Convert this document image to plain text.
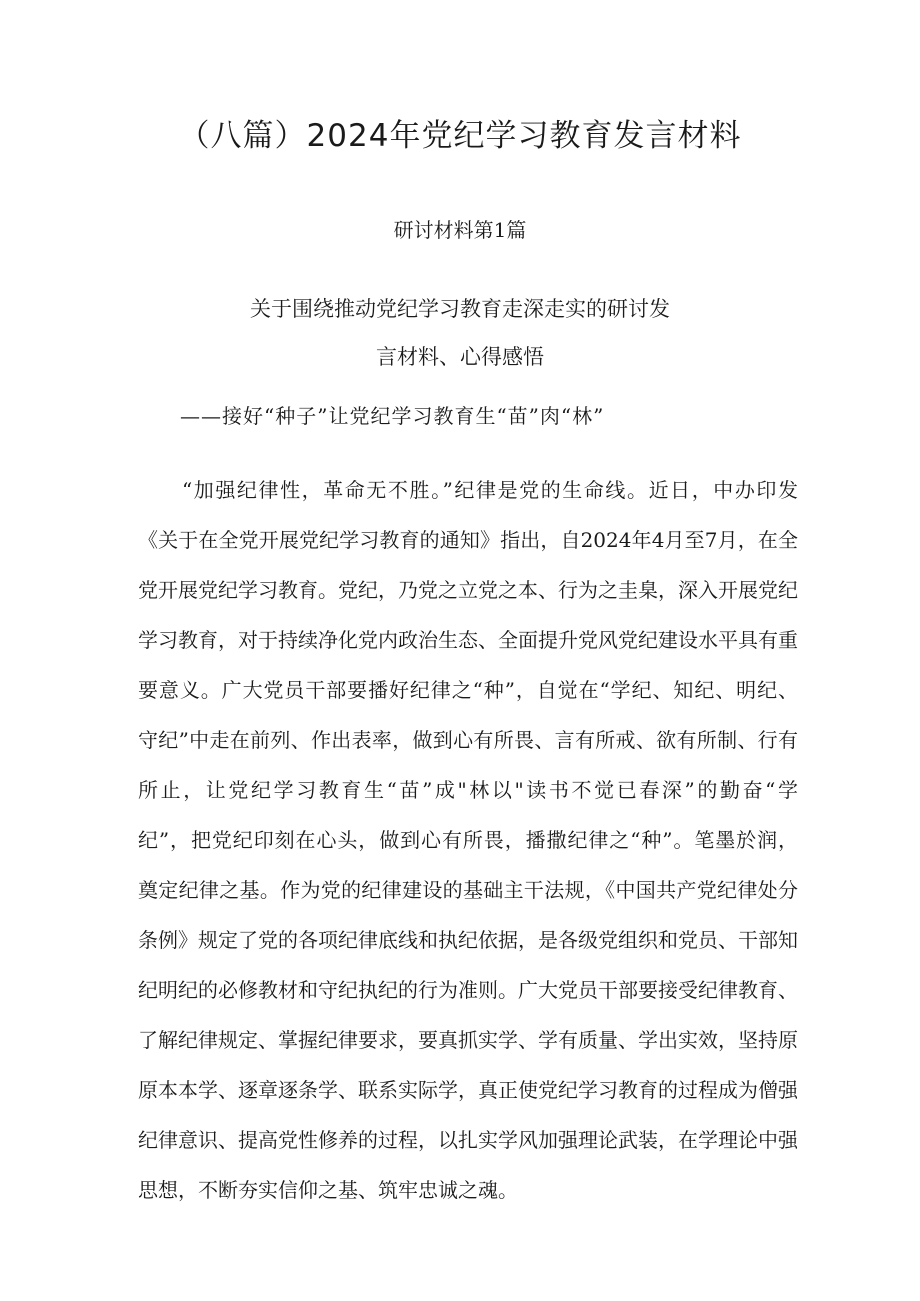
（八篇）2024年党纪学习教育发言材料
研讨材料第1篇
关于围绕推动党纪学习教育走深走实的研讨发
言材料、心得感悟
——接好“种子”让党纪学习教育生“苗”肉“林”
“加强纪律性，革命无不胜。”纪律是党的生命线。近日，中办印发
《关于在全党开展党纪学习教育的通知》指出，自2024年4月至7月，在全
党开展党纪学习教育。党纪，乃党之立党之本、行为之圭臬，深入开展党纪
学习教育，对于持续净化党内政治生态、全面提升党风党纪建设水平具有重
要意义。广大党员干部要播好纪律之“种”，自觉在“学纪、知纪、明纪、
守纪”中走在前列、作出表率，做到心有所畏、言有所戒、欲有所制、行有
所止，让党纪学习教育生“苗”成"林以"读书不觉已春深”的勤奋“学
纪”，把党纪印刻在心头，做到心有所畏，播撒纪律之“种”。笔墨於润，
奠定纪律之基。作为党的纪律建设的基础主干法规，《中国共产党纪律处分
条例》规定了党的各项纪律底线和执纪依据，是各级党组织和党员、干部知
纪明纪的必修教材和守纪执纪的行为准则。广大党员干部要接受纪律教育、
了解纪律规定、掌握纪律要求，要真抓实学、学有质量、学出实效，坚持原
原本本学、逐章逐条学、联系实际学，真正使党纪学习教育的过程成为僧强
纪律意识、提高党性修养的过程，以扎实学风加强理论武装，在学理论中强
思想，不断夯实信仰之基、筑牢忠诚之魂。
